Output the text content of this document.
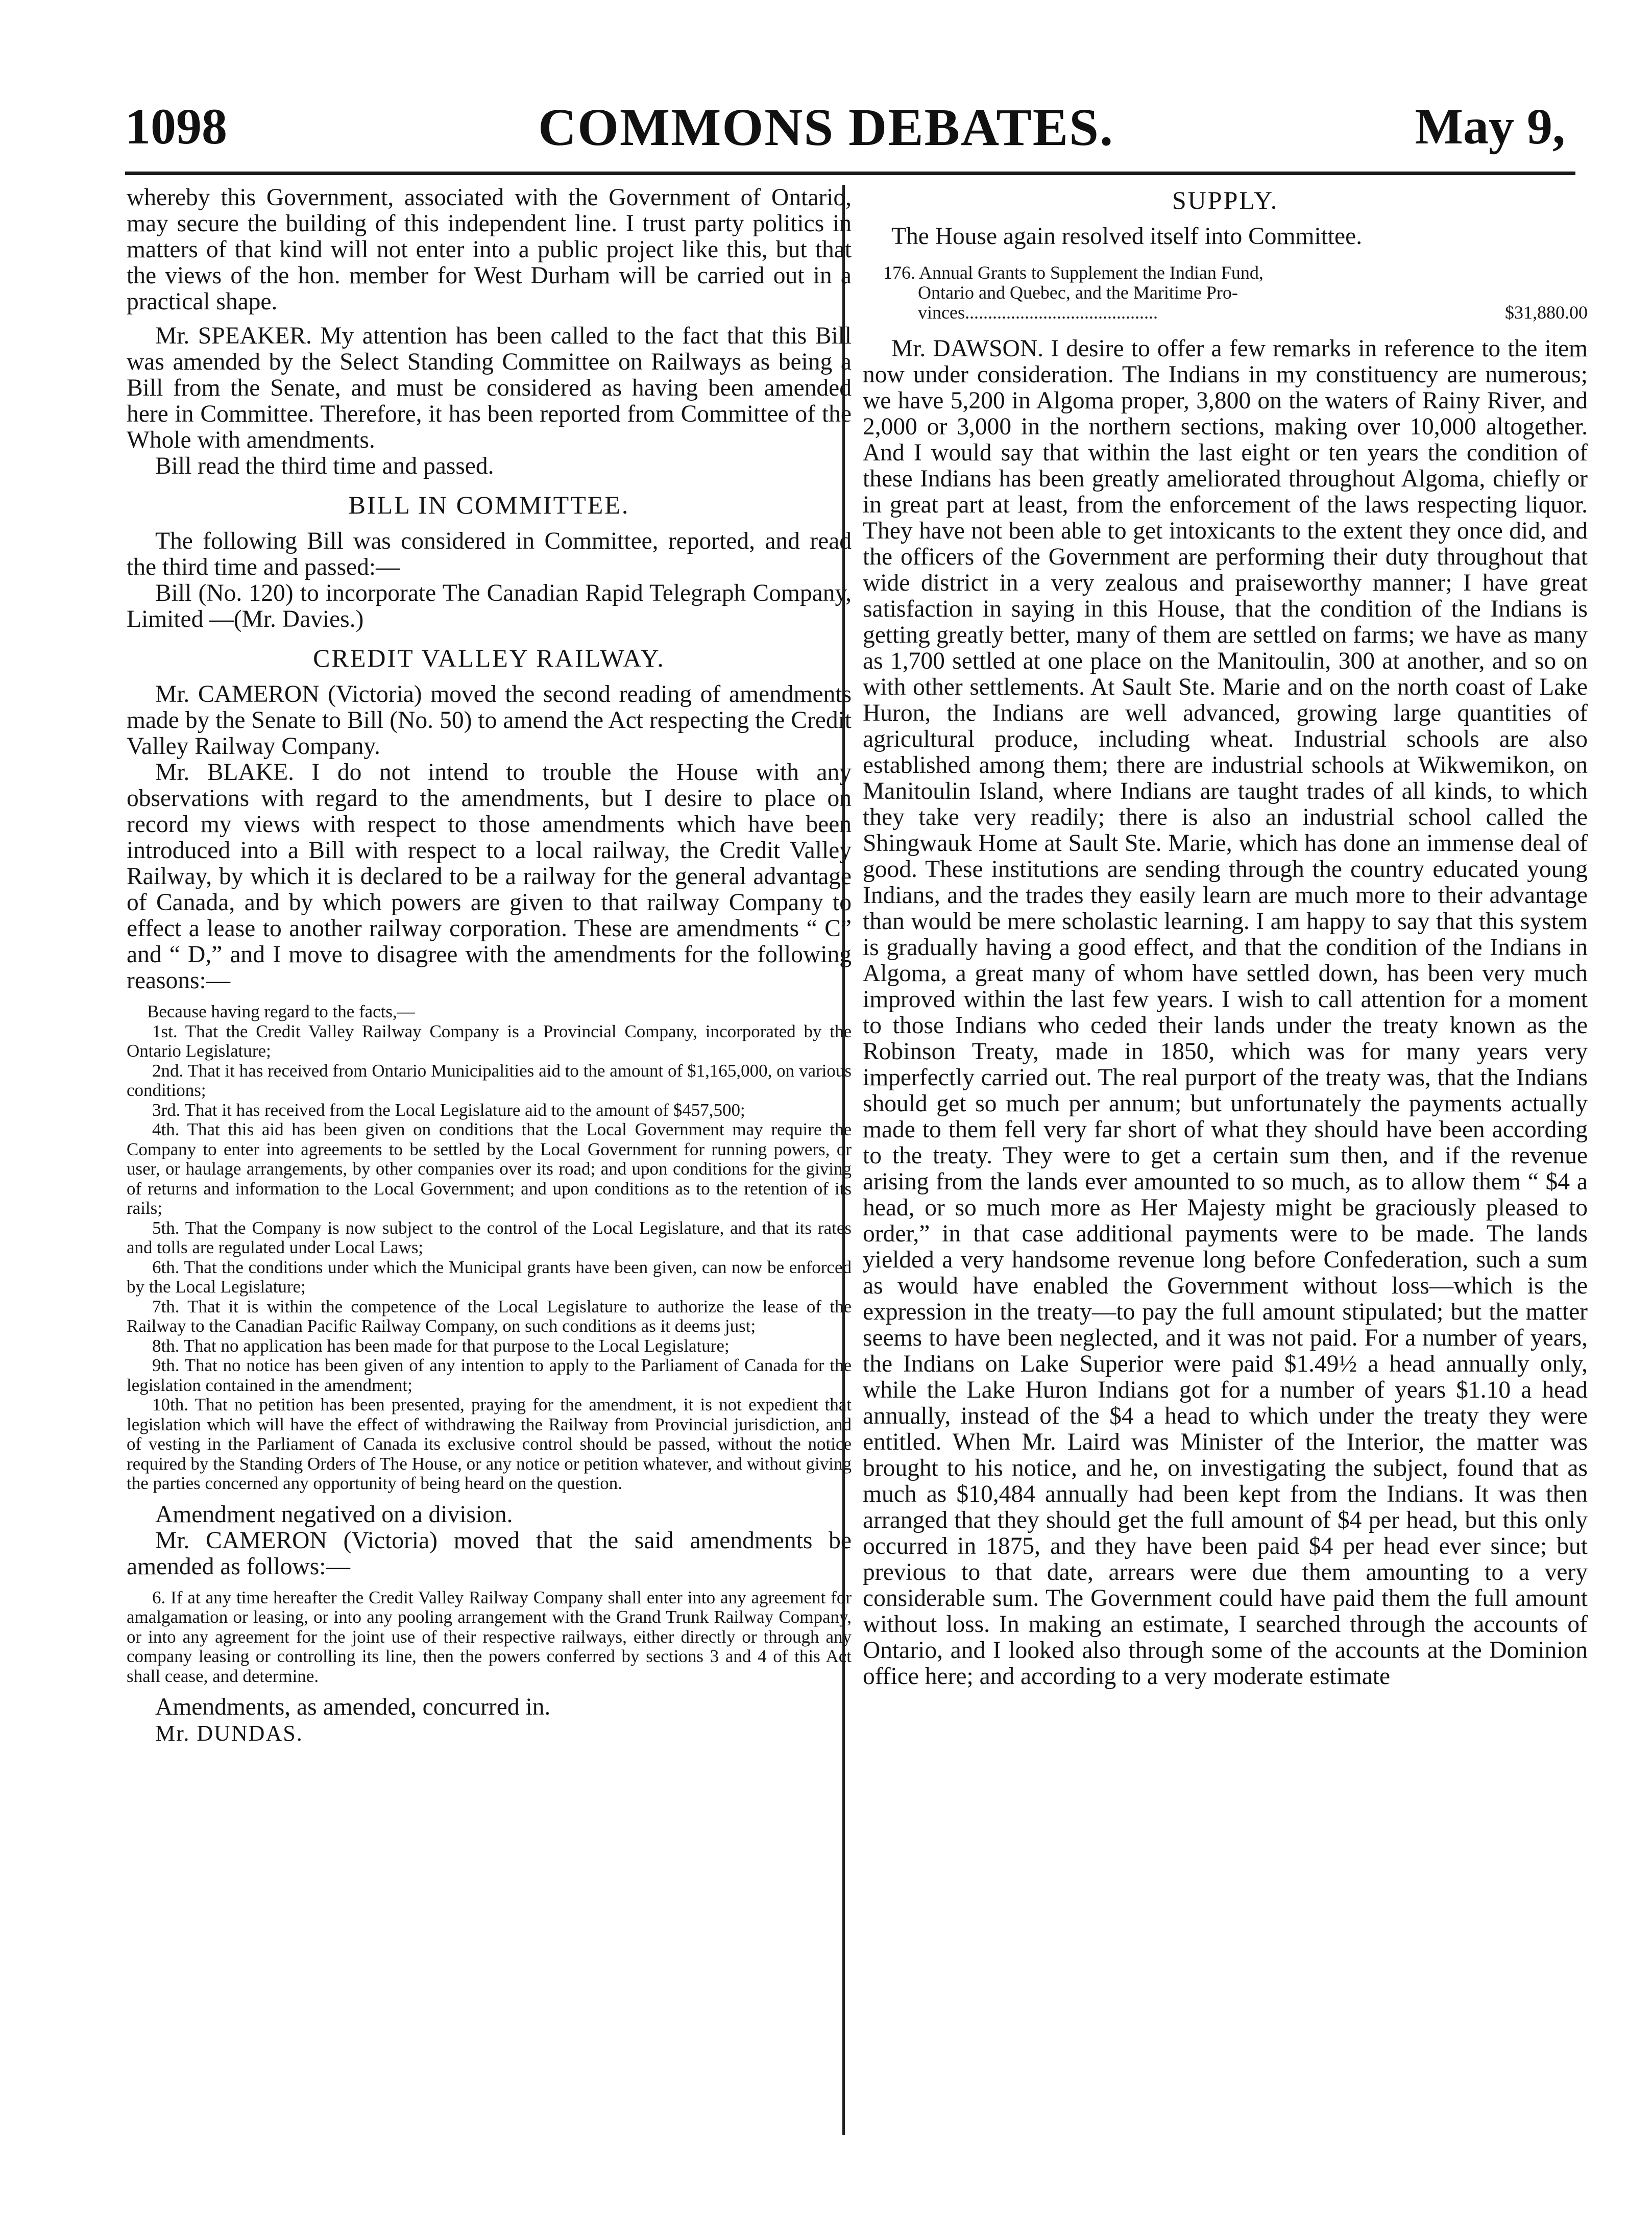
1098	COMMONS DEBATES.	May 9,

whereby this Government, associated with the Government of Ontario, may secure the building of this independent line. I trust party politics in matters of that kind will not enter into a public project like this, but that the views of the hon. member for West Durham will be carried out in a practical shape.

Mr. SPEAKER. My attention has been called to the fact that this Bill was amended by the Select Standing Committee on Railways as being a Bill from the Senate, and must be considered as having been amended here in Committee. Therefore, it has been reported from Committee of the Whole with amendments.

Bill read the third time and passed.

BILL IN COMMITTEE.

The following Bill was considered in Committee, reported, and read the third time and passed:—

Bill (No. 120) to incorporate The Canadian Rapid Telegraph Company, Limited —(Mr. Davies.)

CREDIT VALLEY RAILWAY.

Mr. CAMERON (Victoria) moved the second reading of amendments made by the Senate to Bill (No. 50) to amend the Act respecting the Credit Valley Railway Company.

Mr. BLAKE. I do not intend to trouble the House with any observations with regard to the amendments, but I desire to place on record my views with respect to those amendments which have been introduced into a Bill with respect to a local railway, the Credit Valley Railway, by which it is declared to be a railway for the general advantage of Canada, and by which powers are given to that railway Company to effect a lease to another railway corporation. These are amendments “ C” and “ D,” and I move to disagree with the amendments for the following reasons:—

Because having regard to the facts,—

1st. That the Credit Valley Railway Company is a Provincial Company, incorporated by the Ontario Legislature;

2nd. That it has received from Ontario Municipalities aid to the amount of $1,165,000, on various conditions;

3rd. That it has received from the Local Legislature aid to the amount of $457,500;

4th. That this aid has been given on conditions that the Local Government may require the Company to enter into agreements to be settled by the Local Government for running powers, or user, or haulage arrangements, by other companies over its road; and upon conditions for the giving of returns and information to the Local Government; and upon conditions as to the retention of its rails;

5th. That the Company is now subject to the control of the Local Legislature, and that its rates and tolls are regulated under Local Laws;

6th. That the conditions under which the Municipal grants have been given, can now be enforced by the Local Legislature;

7th. That it is within the competence of the Local Legislature to authorize the lease of the Railway to the Canadian Pacific Railway Company, on such conditions as it deems just;

8th. That no application has been made for that purpose to the Local Legislature;

9th. That no notice has been given of any intention to apply to the Parliament of Canada for the legislation contained in the amendment;

10th. That no petition has been presented, praying for the amendment, it is not expedient that legislation which will have the effect of withdrawing the Railway from Provincial jurisdiction, and of vesting in the Parliament of Canada its exclusive control should be passed, without the notice required by the Standing Orders of The House, or any notice or petition whatever, and without giving the parties concerned any opportunity of being heard on the question.

Amendment negatived on a division.

Mr. CAMERON (Victoria) moved that the said amendments be amended as follows:—

6. If at any time hereafter the Credit Valley Railway Company shall enter into any agreement for amalgamation or leasing, or into any pooling arrangement with the Grand Trunk Railway Company, or into any agreement for the joint use of their respective railways, either directly or through any company leasing or controlling its line, then the powers conferred by sections 3 and 4 of this Act shall cease, and determine.

Amendments, as amended, concurred in.

Mr. DUNDAS.

SUPPLY.

The House again resolved itself into Committee.

176. Annual Grants to Supplement the Indian Fund,
Ontario and Quebec, and the Maritime Pro-
$31,880.00
vinces..........................................

Mr. DAWSON. I desire to offer a few remarks in reference to the item now under consideration. The Indians in my constituency are numerous; we have 5,200 in Algoma proper, 3,800 on the waters of Rainy River, and 2,000 or 3,000 in the northern sections, making over 10,000 altogether. And I would say that within the last eight or ten years the condition of these Indians has been greatly ameliorated throughout Algoma, chiefly or in great part at least, from the enforcement of the laws respecting liquor. They have not been able to get intoxicants to the extent they once did, and the officers of the Government are performing their duty throughout that wide district in a very zealous and praiseworthy manner; I have great satisfaction in saying in this House, that the condition of the Indians is getting greatly better, many of them are settled on farms; we have as many as 1,700 settled at one place on the Manitoulin, 300 at another, and so on with other settlements. At Sault Ste. Marie and on the north coast of Lake Huron, the Indians are well advanced, growing large quantities of agricultural produce, including wheat. Industrial schools are also established among them; there are industrial schools at Wikwemikon, on Manitoulin Island, where Indians are taught trades of all kinds, to which they take very readily; there is also an industrial school called the Shingwauk Home at Sault Ste. Marie, which has done an immense deal of good. These institutions are sending through the country educated young Indians, and the trades they easily learn are much more to their advantage than would be mere scholastic learning. I am happy to say that this system is gradually having a good effect, and that the condition of the Indians in Algoma, a great many of whom have settled down, has been very much improved within the last few years. I wish to call attention for a moment to those Indians who ceded their lands under the treaty known as the Robinson Treaty, made in 1850, which was for many years very imperfectly carried out. The real purport of the treaty was, that the Indians should get so much per annum; but unfortunately the payments actually made to them fell very far short of what they should have been according to the treaty. They were to get a certain sum then, and if the revenue arising from the lands ever amounted to so much, as to allow them “ $4 a head, or so much more as Her Majesty might be graciously pleased to order,” in that case additional payments were to be made. The lands yielded a very handsome revenue long before Confederation, such a sum as would have enabled the Government without loss—which is the expression in the treaty—to pay the full amount stipulated; but the matter seems to have been neglected, and it was not paid. For a number of years, the Indians on Lake Superior were paid $1.49½ a head annually only, while the Lake Huron Indians got for a number of years $1.10 a head annually, instead of the $4 a head to which under the treaty they were entitled. When Mr. Laird was Minister of the Interior, the matter was brought to his notice, and he, on investigating the subject, found that as much as $10,484 annually had been kept from the Indians. It was then arranged that they should get the full amount of $4 per head, but this only occurred in 1875, and they have been paid $4 per head ever since; but previous to that date, arrears were due them amounting to a very considerable sum. The Government could have paid them the full amount without loss. In making an estimate, I searched through the accounts of Ontario, and I looked also through some of the accounts at the Dominion office here; and according to a very moderate estimate
